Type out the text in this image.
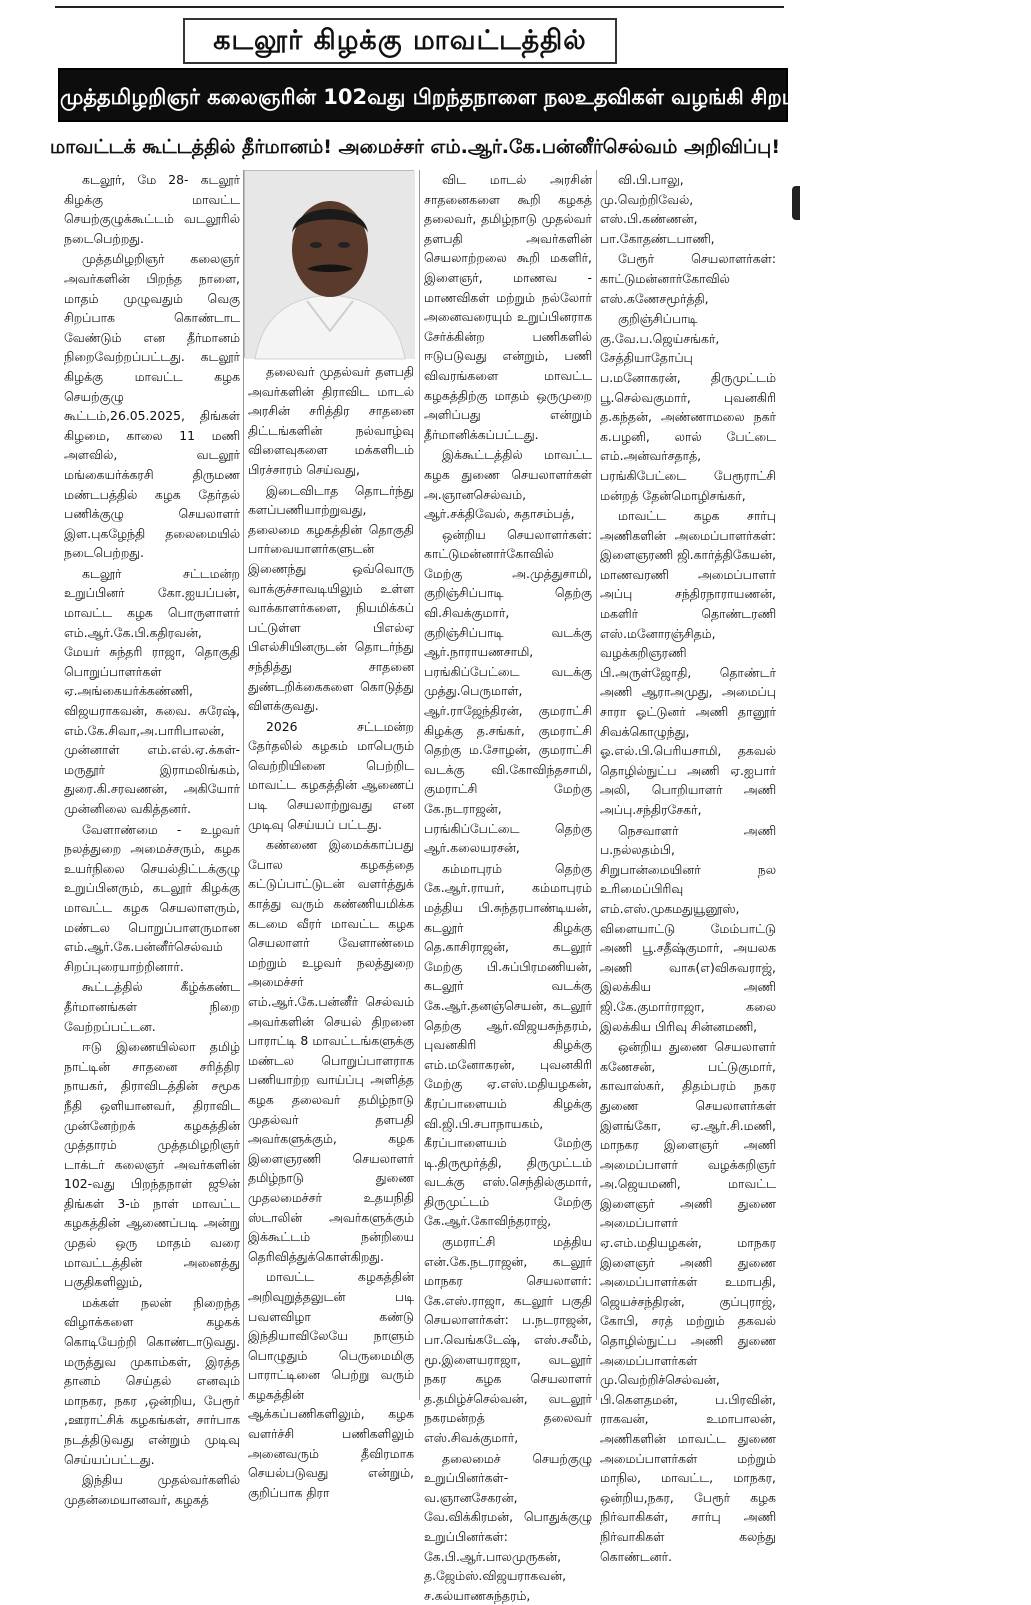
கடலூர் கிழக்கு மாவட்டத்தில்
முத்தமிழறிஞர் கலைஞரின் 102வது பிறந்தநாளை நலஉதவிகள் வழங்கி சிறப்பாக கொண்டாடுவோம்!
மாவட்டக் கூட்டத்தில் தீர்மானம்! அமைச்சர் எம்.ஆர்.கே.பன்னீர்செல்வம் அறிவிப்பு!

கடலூர், மே 28- கடலூர் கிழக்கு மாவட்ட செயற்குழுக்கூட்டம் வடலூரில் நடைபெற்றது.

முத்தமிழறிஞர் கலைஞர் அவர்களின் பிறந்த நாளை, மாதம் முழுவதும் வெகு சிறப்பாக கொண்டாட வேண்டும் என தீர்மானம் நிறைவேற்றப்பட்டது. கடலூர் கிழக்கு மாவட்ட கழக செயற்குழு கூட்டம்,26.05.2025, திங்கள் கிழமை, காலை 11 மணி அளவில், வடலூர் மங்கையர்க்கரசி திருமண மண்டபத்தில் கழக தேர்தல் பணிக்குழு செயலாளர் இள.புகழேந்தி தலைமையில் நடைபெற்றது.

கடலூர் சட்டமன்ற உறுப்பினர் கோ.ஐயப்பன், மாவட்ட கழக பொருளாளர் எம்.ஆர்.கே.பி.கதிரவன், மேயர் சுந்தரி ராஜா, தொகுதி பொறுப்பாளர்கள் ஏ.அங்கையர்க்கண்ணி, விஜயராகவன், சுவை. சுரேஷ், எம்.கே.சிவா,அ.பாரிபாலன், முன்னாள் எம்.எல்.ஏ.க்கள்- மருதூர் இராமலிங்கம், துரை.கி.சரவணன், அகியோர் முன்னிலை வகித்தனர்.

வேளாண்மை - உழவர் நலத்துறை அமைச்சரும், கழக உயர்நிலை செயல்திட்டக்குழு உறுப்பினரும், கடலூர் கிழக்கு மாவட்ட கழக செயலாளரும், மண்டல பொறுப்பாளருமான எம்.ஆர்.கே.பன்னீர்செல்வம் சிறப்புரையாற்றினார்.

கூட்டத்தில் கீழ்க்கண்ட தீர்மானங்கள் நிறை வேற்றப்பட்டன.

ஈடு இணையில்லா தமிழ் நாட்டின் சாதனை சரித்திர நாயகர், திராவிடத்தின் சமூக நீதி ஒளியானவர், திராவிட முன்னேற்றக் கழகத்தின் முத்தாரம் முத்தமிழறிஞர் டாக்டர் கலைஞர் அவர்களின் 102-வது பிறந்தநாள் ஜூன் திங்கள் 3-ம் நாள் மாவட்ட கழகத்தின் ஆணைப்படி அன்று முதல் ஒரு மாதம் வரை மாவட்டத்தின் அனைத்து பகுதிகளிலும்,

மக்கள் நலன் நிறைந்த விழாக்களை கழகக் கொடியேற்றி கொண்டாடுவது. மருத்துவ முகாம்கள், இரத்த தானம் செய்தல் எனவும் மாநகர, நகர ,ஒன்றிய, பேரூர் ,ஊராட்சிக் கழகங்கள், சார்பாக நடத்திடுவது என்றும் முடிவு செய்யப்பட்டது.

இந்திய முதல்வர்களில் முதன்மையானவர், கழகத்

தலைவர் முதல்வர் தளபதி அவர்களின் திராவிட மாடல் அரசின் சரித்திர சாதனை திட்டங்களின் நல்வாழ்வு விளைவுகளை மக்களிடம் பிரச்சாரம் செய்வது,

இடைவிடாத தொடர்ந்து களப்பணியாற்றுவது, தலைமை கழகத்தின் தொகுதி பார்வையாளர்களுடன் இணைந்து ஒவ்வொரு வாக்குச்சாவடியிலும் உள்ள வாக்காளர்களை, நியமிக்கப் பட்டுள்ள பிஎல்ஏ பிஎல்சியினருடன் தொடர்ந்து சந்தித்து சாதனை துண்டறிக்கைகளை கொடுத்து விளக்குவது.

2026 சட்டமன்ற தேர்தலில் கழகம் மாபெரும் வெற்றியினை பெற்றிட மாவட்ட கழகத்தின் ஆணைப் படி செயலாற்றுவது என முடிவு செய்யப் பட்டது.

கண்ணை இமைக்காப்பது போல கழகத்தை கட்டுப்பாட்டுடன் வளர்த்துக் காத்து வரும் கண்ணியமிக்க கடமை வீரர் மாவட்ட கழக செயலாளர் வேளாண்மை மற்றும் உழவர் நலத்துறை அமைச்சர் எம்.ஆர்.கே.பன்னீர் செல்வம் அவர்களின் செயல் திறனை பாராட்டி 8 மாவட்டங்களுக்கு மண்டல பொறுப்பாளராக பணியாற்ற வாய்ப்பு அளித்த கழக தலைவர் தமிழ்நாடு முதல்வர் தளபதி அவர்களுக்கும், கழக இளைஞரணி செயலாளர் தமிழ்நாடு துணை முதலமைச்சர் உதயநிதி ஸ்டாலின் அவர்களுக்கும் இக்கூட்டம் நன்றியை தெரிவித்துக்கொள்கிறது.

மாவட்ட கழகத்தின் அறிவுறுத்தலுடன் படி பவளவிழா கண்டு இந்தியாவிலேயே நாளும் பொழுதும் பெருமைமிகு பாராட்டினை பெற்று வரும் கழகத்தின் ஆக்கப்பணிகளிலும், கழக வளர்ச்சி பணிகளிலும் அனைவரும் தீவிரமாக செயல்படுவது என்றும், குறிப்பாக திரா

விட மாடல் அரசின் சாதனைகளை கூறி கழகத் தலைவர், தமிழ்நாடு முதல்வர் தளபதி அவர்களின் செயலாற்றலை கூறி மகளிர், இளைஞர், மாணவ - மாணவிகள் மற்றும் நல்லோர் அனைவரையும் உறுப்பினராக சேர்க்கின்ற பணிகளில் ஈடுபடுவது என்றும், பணி விவரங்களை மாவட்ட கழகத்திற்கு மாதம் ஒருமுறை அளிப்பது என்றும் தீர்மானிக்கப்பட்டது.

இக்கூட்டத்தில் மாவட்ட கழக துணை செயலாளர்கள் அ.ஞானசெல்வம், ஆர்.சக்திவேல், சுதாசம்பத்,

ஒன்றிய செயலாளர்கள்: காட்டுமன்னார்கோவில் மேற்கு அ.முத்துசாமி, குறிஞ்சிப்பாடி தெற்கு வி.சிவக்குமார், குறிஞ்சிப்பாடி வடக்கு ஆர்.நாராயணசாமி, பரங்கிப்பேட்டை வடக்கு முத்து.பெருமாள், ஆர்.ராஜேந்திரன், குமராட்சி கிழக்கு த.சங்கர், குமராட்சி தெற்கு ம.சோழன், குமராட்சி வடக்கு வி.கோவிந்தசாமி, குமராட்சி மேற்கு கே.நடராஜன், பரங்கிப்பேட்டை தெற்கு ஆர்.கலையரசன்,

கம்மாபுரம் தெற்கு கே.ஆர்.ராயர், கம்மாபுரம் மத்திய பி.சுந்தரபாண்டியன், கடலூர் கிழக்கு தெ.காசிராஜன், கடலூர் மேற்கு பி.சுப்பிரமணியன், கடலூர் வடக்கு கே.ஆர்.தனஞ்செயன், கடலூர் தெற்கு ஆர்.விஜயசுந்தரம், புவனகிரி கிழக்கு எம்.மனோகரன், புவனகிரி மேற்கு ஏ.எஸ்.மதியழகன், கீரப்பாளையம் கிழக்கு வி.ஜி.பி.சபாநாயகம், கீரப்பாளையம் மேற்கு டி.திருமூர்த்தி, திருமுட்டம் வடக்கு எஸ்.செந்தில்குமார், திருமுட்டம் மேற்கு கே.ஆர்.கோவிந்தராஜ்,

குமராட்சி மத்திய என்.கே.நடராஜன், கடலூர் மாநகர செயலாளர்: கே.எஸ்.ராஜா, கடலூர் பகுதி செயலாளர்கள்: ப.நடராஜன், பா.வெங்கடேஷ், எஸ்.சலீம், மூ.இளையராஜா, வடலூர் நகர கழக செயலாளர் த.தமிழ்ச்செல்வன், வடலூர் நகரமன்றத் தலைவர் எஸ்.சிவக்குமார்,

தலைமைச் செயற்குழு உறுப்பினர்கள்- வ.ஞானசேகரன், வே.விக்கிரமன், பொதுக்குழு உறுப்பினர்கள்: கே.பி.ஆர்.பாலமுருகன், த.ஜேம்ஸ்.விஜயராகவன், ச.கல்யாணசுந்தரம்,

வி.பி.பாலு, மு.வெற்றிவேல், எஸ்.பி.கண்ணன், பா.கோதண்டபாணி,

பேரூர் செயலாளர்கள்: காட்டுமன்னார்கோவில் எஸ்.கணேசமூர்த்தி,

குறிஞ்சிப்பாடி கு.வே.ப.ஜெய்சங்கர், சேத்தியாதோப்பு ப.மனோகரன், திருமுட்டம் பூ.செல்வகுமார், புவனகிரி த.கந்தன், அண்ணாமலை நகர் க.பழனி, லால் பேட்டை எம்.அன்வர்சதாத், பரங்கிபேட்டை பேரூராட்சி மன்றத் தேன்மொழிசங்கர்,

மாவட்ட கழக சார்பு அணிகளின் அமைப்பாளர்கள்: இளைஞரணி ஜி.கார்த்திகேயன், மாணவரணி அமைப்பாளர் அப்பு சந்திரநாராயணன், மகளிர் தொண்டரணி எஸ்.மனோரஞ்சிதம், வழக்கறிஞரணி பி.அருள்ஜோதி, தொண்டர் அணி ஆராஅமுது, அமைப்பு சாரா ஓட்டுனர் அணி தானூர் சிவக்கொழுந்து, ஓ.எல்.பி.பெரியசாமி, தகவல் தொழில்நுட்ப அணி ஏ.ஐபார் அலி, பொறியாளர் அணி அப்பு.சந்திரசேகர்,

நெசவாளர் அணி ப.நல்லதம்பி, சிறுபான்மையினர் நல உரிமைப்பிரிவு எம்.எஸ்.முகமதுயூனூஸ், விளையாட்டு மேம்பாட்டு அணி பூ.சதீஷ்குமார், அயலக அணி வாசு(எ)விசுவராஜ், இலக்கிய அணி ஜி.கே.குமார்ராஜா, கலை இலக்கிய பிரிவு சின்னமணி,

ஒன்றிய துணை செயலாளர் கணேசன், பட்டுகுமார், காவாஸ்கர், திதம்பரம் நகர துணை செயலாளர்கள் இளங்கோ, ஏ.ஆர்.சி.மணி, மாநகர இளைஞர் அணி அமைப்பாளர் வழக்கறிஞர் அ.ஜெயமணி, மாவட்ட இளைஞர் அணி துணை அமைப்பாளர் ஏ.எம்.மதியழகன், மாநகர இளைஞர் அணி துணை அமைப்பாளர்கள் உமாபதி, ஜெயச்சந்திரன், குப்புராஜ், கோபி, சரத் மற்றும் தகவல் தொழில்நுட்ப அணி துணை அமைப்பாளர்கள் மு.வெற்றிச்செல்வன், பி.கௌதமன், ப.பிரவின், ராகவன், உமாபாலன், அணிகளின் மாவட்ட துணை அமைப்பாளர்கள் மற்றும் மாநில, மாவட்ட, மாநகர, ஒன்றிய,நகர, பேரூர் கழக நிர்வாகிகள், சார்பு அணி நிர்வாகிகள் கலந்து கொண்டனர்.
